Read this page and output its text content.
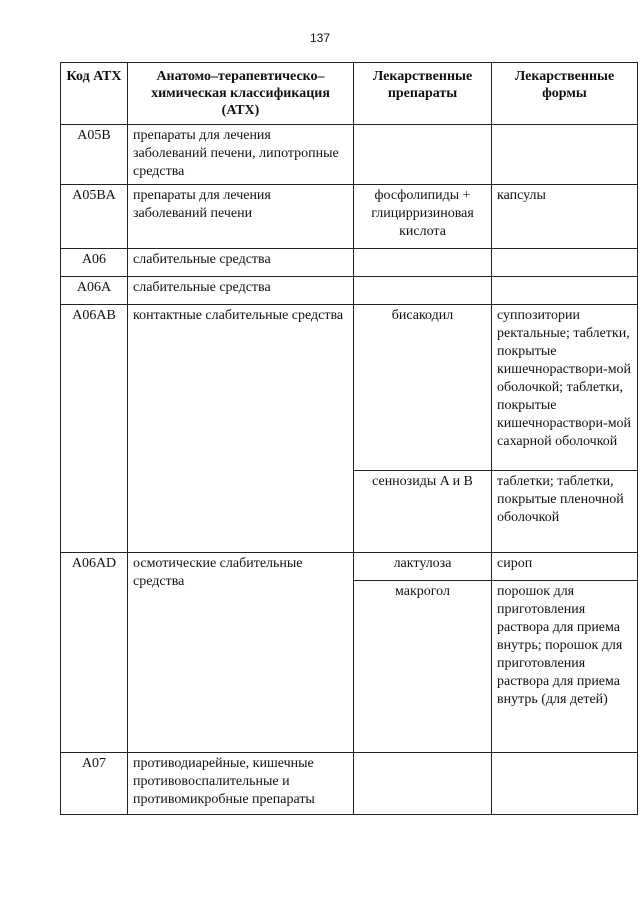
137
Код АТХ	Анатомо–терапевтическо–химическая классификация (АТХ)	Лекарственные препараты	Лекарственные формы
A05B	препараты для лечения заболеваний печени, липотропные средства		
A05BA	препараты для лечения заболеваний печени	фосфолипиды + глицирризиновая кислота	капсулы
A06	слабительные средства		
A06A	слабительные средства		
A06AB	контактные слабительные средства	бисакодил	суппозитории ректальные; таблетки, покрытые кишечнораствори-мой оболочкой; таблетки, покрытые кишечнораствори-мой сахарной оболочкой
		сеннозиды A и B	таблетки; таблетки, покрытые пленочной оболочкой
A06AD	осмотические слабительные средства	лактулоза	сироп
		макрогол	порошок для приготовления раствора для приема внутрь; порошок для приготовления раствора для приема внутрь (для детей)
A07	противодиарейные, кишечные противовоспалительные и противомикробные препараты		
